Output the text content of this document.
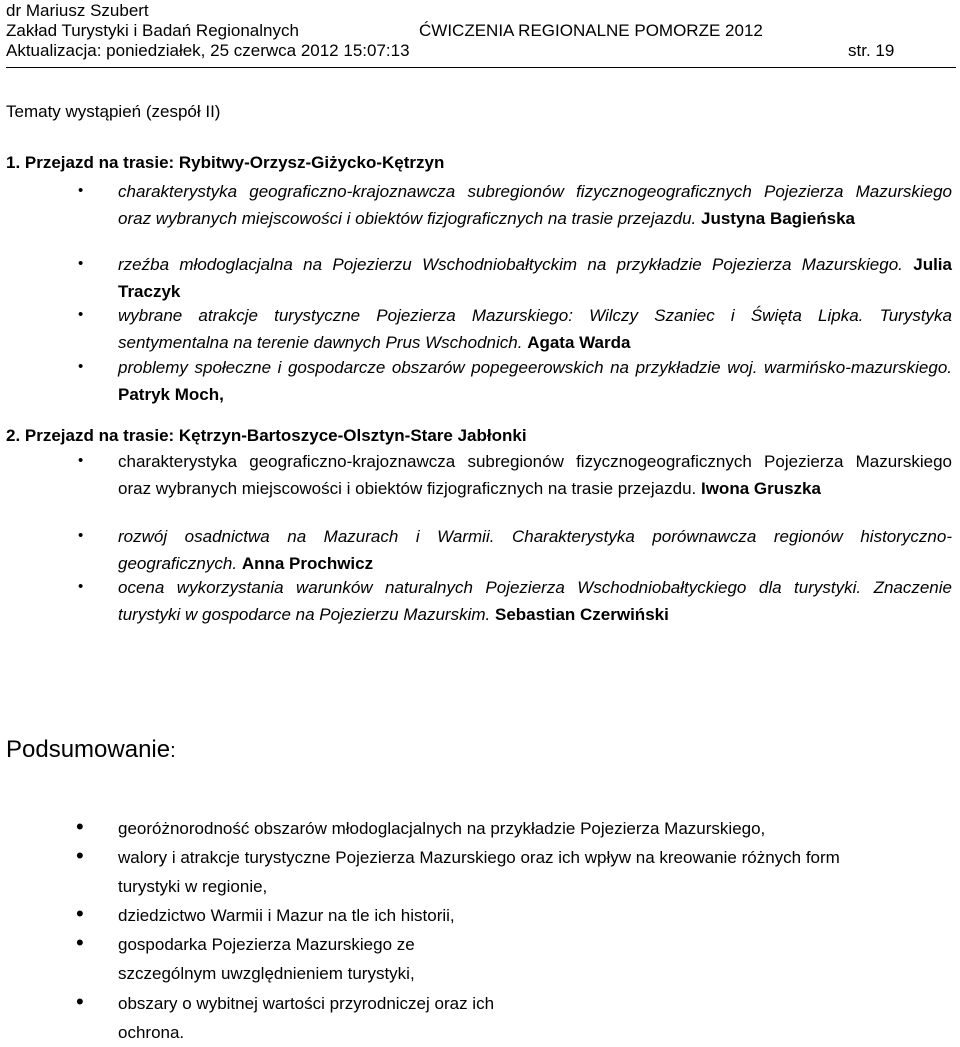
dr Mariusz Szubert
Zakład Turystyki i Badań Regionalnych	ĆWICZENIA REGIONALNE POMORZE 2012
Aktualizacja: poniedziałek, 25 czerwca 2012 15:07:13	str. 19
Tematy wystąpień (zespół II)
1. Przejazd na trasie: Rybitwy-Orzysz-Giżycko-Kętrzyn
• charakterystyka geograficzno-krajoznawcza subregionów fizycznogeograficznych Pojezierza Mazurskiego oraz wybranych miejscowości i obiektów fizjograficznych na trasie przejazdu. Justyna Bagieńska
• rzeźba młodoglacjalna na Pojezierzu Wschodniobałtyckim na przykładzie Pojezierza Mazurskiego. Julia Traczyk
• wybrane atrakcje turystyczne Pojezierza Mazurskiego: Wilczy Szaniec i Święta Lipka. Turystyka sentymentalna na terenie dawnych Prus Wschodnich. Agata Warda
• problemy społeczne i gospodarcze obszarów popegeerowskich na przykładzie woj. warmińsko-mazurskiego. Patryk Moch,
2. Przejazd na trasie: Kętrzyn-Bartoszyce-Olsztyn-Stare Jabłonki
• charakterystyka geograficzno-krajoznawcza subregionów fizycznogeograficznych Pojezierza Mazurskiego oraz wybranych miejscowości i obiektów fizjograficznych na trasie przejazdu. Iwona Gruszka
• rozwój osadnictwa na Mazurach i Warmii. Charakterystyka porównawcza regionów historyczno-geograficznych. Anna Prochwicz
• ocena wykorzystania warunków naturalnych Pojezierza Wschodniobałtyckiego dla turystyki. Znaczenie turystyki w gospodarce na Pojezierzu Mazurskim. Sebastian Czerwiński
Podsumowanie:
• georóżnorodność obszarów młodoglacjalnych na przykładzie Pojezierza Mazurskiego,
• walory i atrakcje turystyczne Pojezierza Mazurskiego oraz ich wpływ na kreowanie różnych form turystyki w regionie,
• dziedzictwo Warmii i Mazur na tle ich historii,
• gospodarka Pojezierza Mazurskiego ze szczególnym uwzględnieniem turystyki,
• obszary o wybitnej wartości przyrodniczej oraz ich ochrona.
